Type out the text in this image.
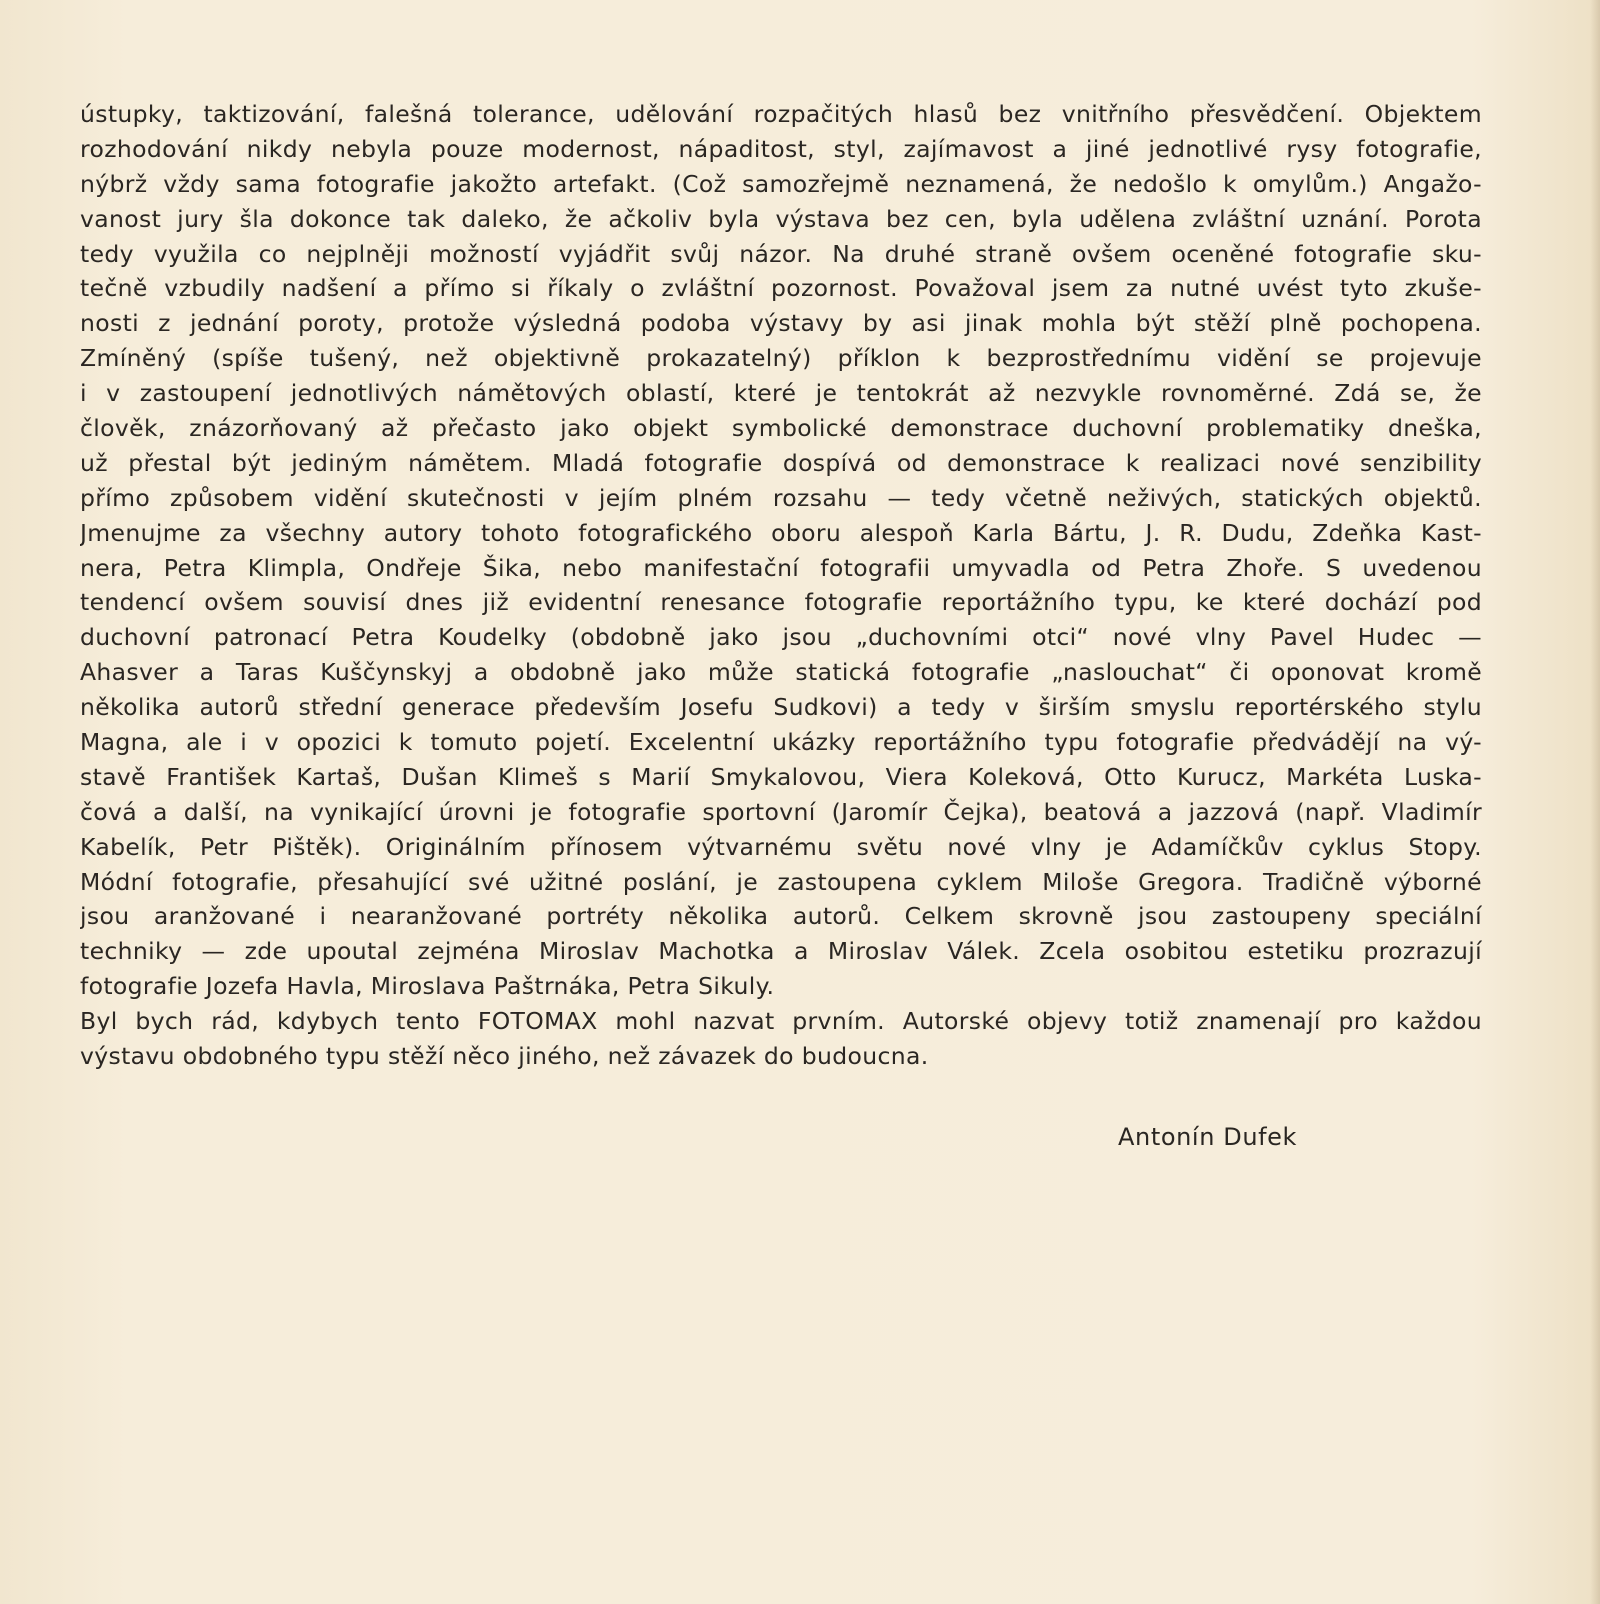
ústupky, taktizování, falešná tolerance, udělování rozpačitých hlasů bez vnitřního přesvědčení. Objektem
rozhodování nikdy nebyla pouze modernost, nápaditost, styl, zajímavost a jiné jednotlivé rysy fotografie,
nýbrž vždy sama fotografie jakožto artefakt. (Což samozřejmě neznamená, že nedošlo k omylům.) Angažo-
vanost jury šla dokonce tak daleko, že ačkoliv byla výstava bez cen, byla udělena zvláštní uznání. Porota
tedy využila co nejplněji možností vyjádřit svůj názor. Na druhé straně ovšem oceněné fotografie sku-
tečně vzbudily nadšení a přímo si říkaly o zvláštní pozornost. Považoval jsem za nutné uvést tyto zkuše-
nosti z jednání poroty, protože výsledná podoba výstavy by asi jinak mohla být stěží plně pochopena.
Zmíněný (spíše tušený, než objektivně prokazatelný) příklon k bezprostřednímu vidění se projevuje
i v zastoupení jednotlivých námětových oblastí, které je tentokrát až nezvykle rovnoměrné. Zdá se, že
člověk, znázorňovaný až přečasto jako objekt symbolické demonstrace duchovní problematiky dneška,
už přestal být jediným námětem. Mladá fotografie dospívá od demonstrace k realizaci nové senzibility
přímo způsobem vidění skutečnosti v jejím plném rozsahu — tedy včetně neživých, statických objektů.
Jmenujme za všechny autory tohoto fotografického oboru alespoň Karla Bártu, J. R. Dudu, Zdeňka Kast-
nera, Petra Klimpla, Ondřeje Šika, nebo manifestační fotografii umyvadla od Petra Zhoře. S uvedenou
tendencí ovšem souvisí dnes již evidentní renesance fotografie reportážního typu, ke které dochází pod
duchovní patronací Petra Koudelky (obdobně jako jsou „duchovními otci“ nové vlny Pavel Hudec —
Ahasver a Taras Kuščynskyj a obdobně jako může statická fotografie „naslouchat“ či oponovat kromě
několika autorů střední generace především Josefu Sudkovi) a tedy v širším smyslu reportérského stylu
Magna, ale i v opozici k tomuto pojetí. Excelentní ukázky reportážního typu fotografie předvádějí na vý-
stavě František Kartaš, Dušan Klimeš s Marií Smykalovou, Viera Koleková, Otto Kurucz, Markéta Luska-
čová a další, na vynikající úrovni je fotografie sportovní (Jaromír Čejka), beatová a jazzová (např. Vladimír
Kabelík, Petr Pištěk). Originálním přínosem výtvarnému světu nové vlny je Adamíčkův cyklus Stopy.
Módní fotografie, přesahující své užitné poslání, je zastoupena cyklem Miloše Gregora. Tradičně výborné
jsou aranžované i nearanžované portréty několika autorů. Celkem skrovně jsou zastoupeny speciální
techniky — zde upoutal zejména Miroslav Machotka a Miroslav Válek. Zcela osobitou estetiku prozrazují
fotografie Jozefa Havla, Miroslava Paštrnáka, Petra Sikuly.
Byl bych rád, kdybych tento FOTOMAX mohl nazvat prvním. Autorské objevy totiž znamenají pro každou
výstavu obdobného typu stěží něco jiného, než závazek do budoucna.
Antonín Dufek
